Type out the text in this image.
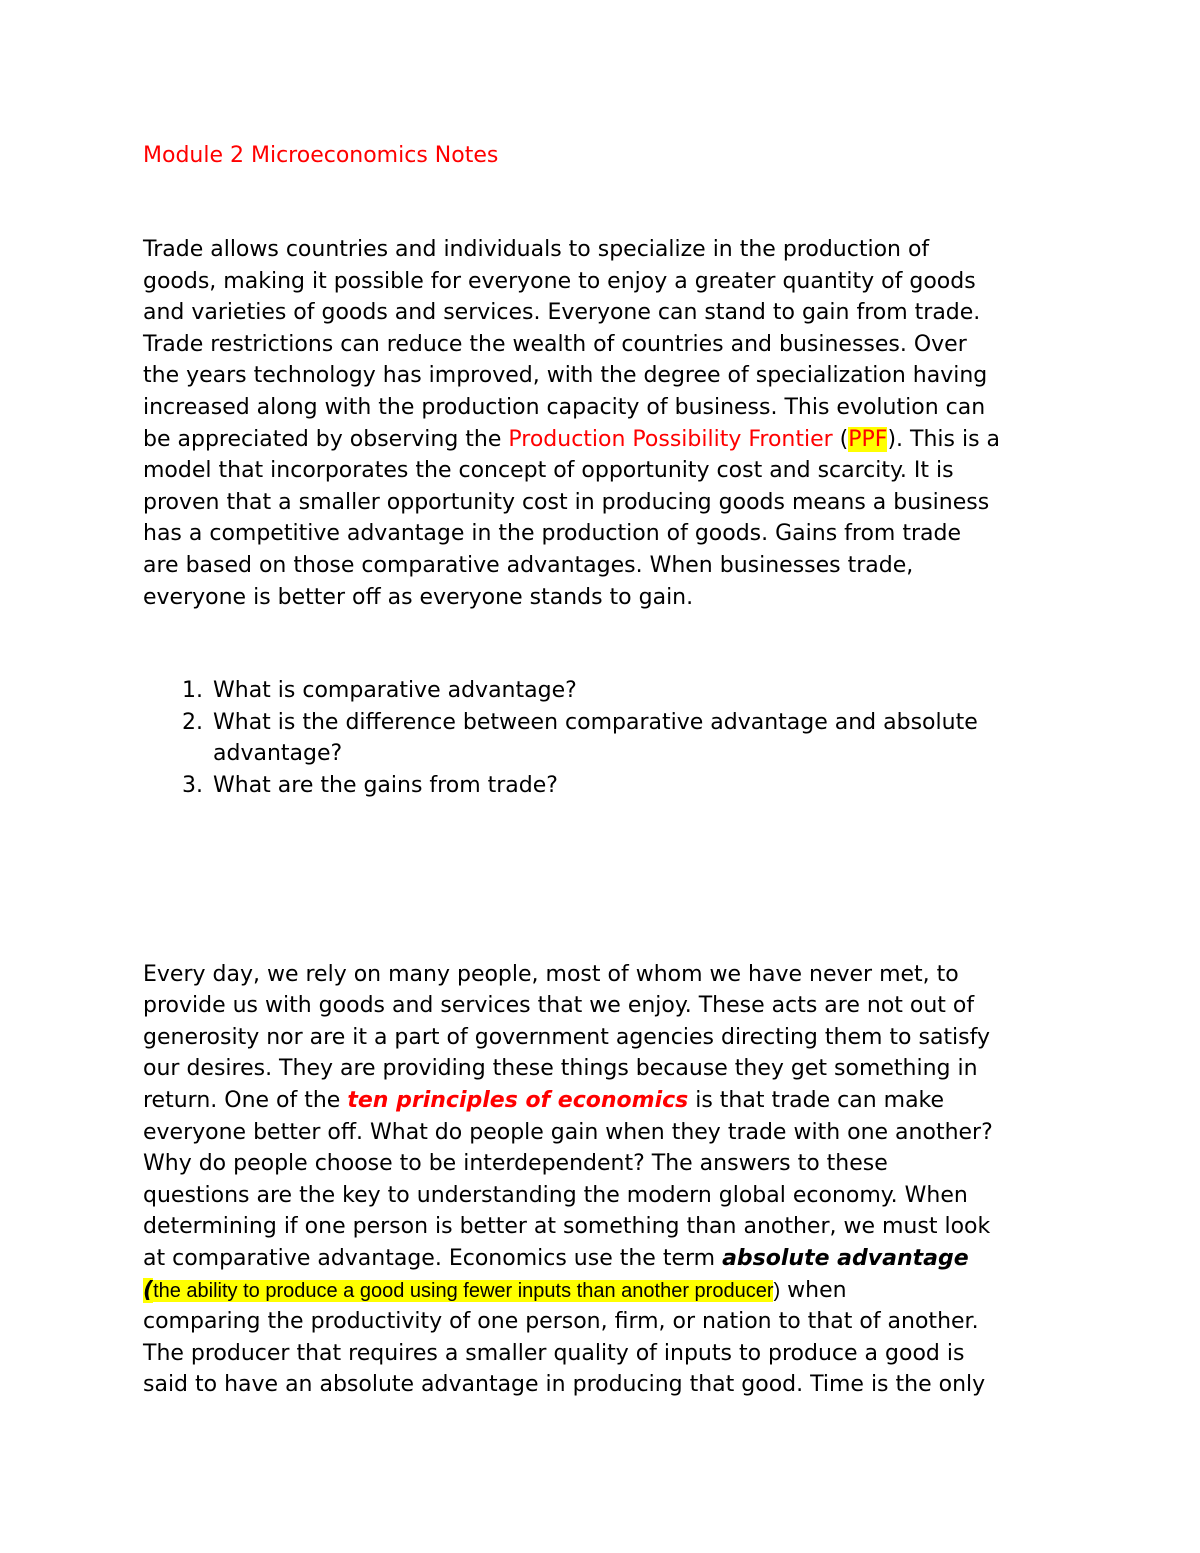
Module 2 Microeconomics Notes
Trade allows countries and individuals to specialize in the production of
goods, making it possible for everyone to enjoy a greater quantity of goods
and varieties of goods and services. Everyone can stand to gain from trade.
Trade restrictions can reduce the wealth of countries and businesses. Over
the years technology has improved, with the degree of specialization having
increased along with the production capacity of business. This evolution can
be appreciated by observing the Production Possibility Frontier (PPF). This is a
model that incorporates the concept of opportunity cost and scarcity. It is
proven that a smaller opportunity cost in producing goods means a business
has a competitive advantage in the production of goods. Gains from trade
are based on those comparative advantages. When businesses trade,
everyone is better off as everyone stands to gain.
1. What is comparative advantage?
2. What is the difference between comparative advantage and absolute
advantage?
3. What are the gains from trade?
Every day, we rely on many people, most of whom we have never met, to
provide us with goods and services that we enjoy. These acts are not out of
generosity nor are it a part of government agencies directing them to satisfy
our desires. They are providing these things because they get something in
return. One of the ten principles of economics is that trade can make
everyone better off. What do people gain when they trade with one another?
Why do people choose to be interdependent? The answers to these
questions are the key to understanding the modern global economy. When
determining if one person is better at something than another, we must look
at comparative advantage. Economics use the term absolute advantage
(the ability to produce a good using fewer inputs than another producer) when
comparing the productivity of one person, firm, or nation to that of another.
The producer that requires a smaller quality of inputs to produce a good is
said to have an absolute advantage in producing that good. Time is the only
